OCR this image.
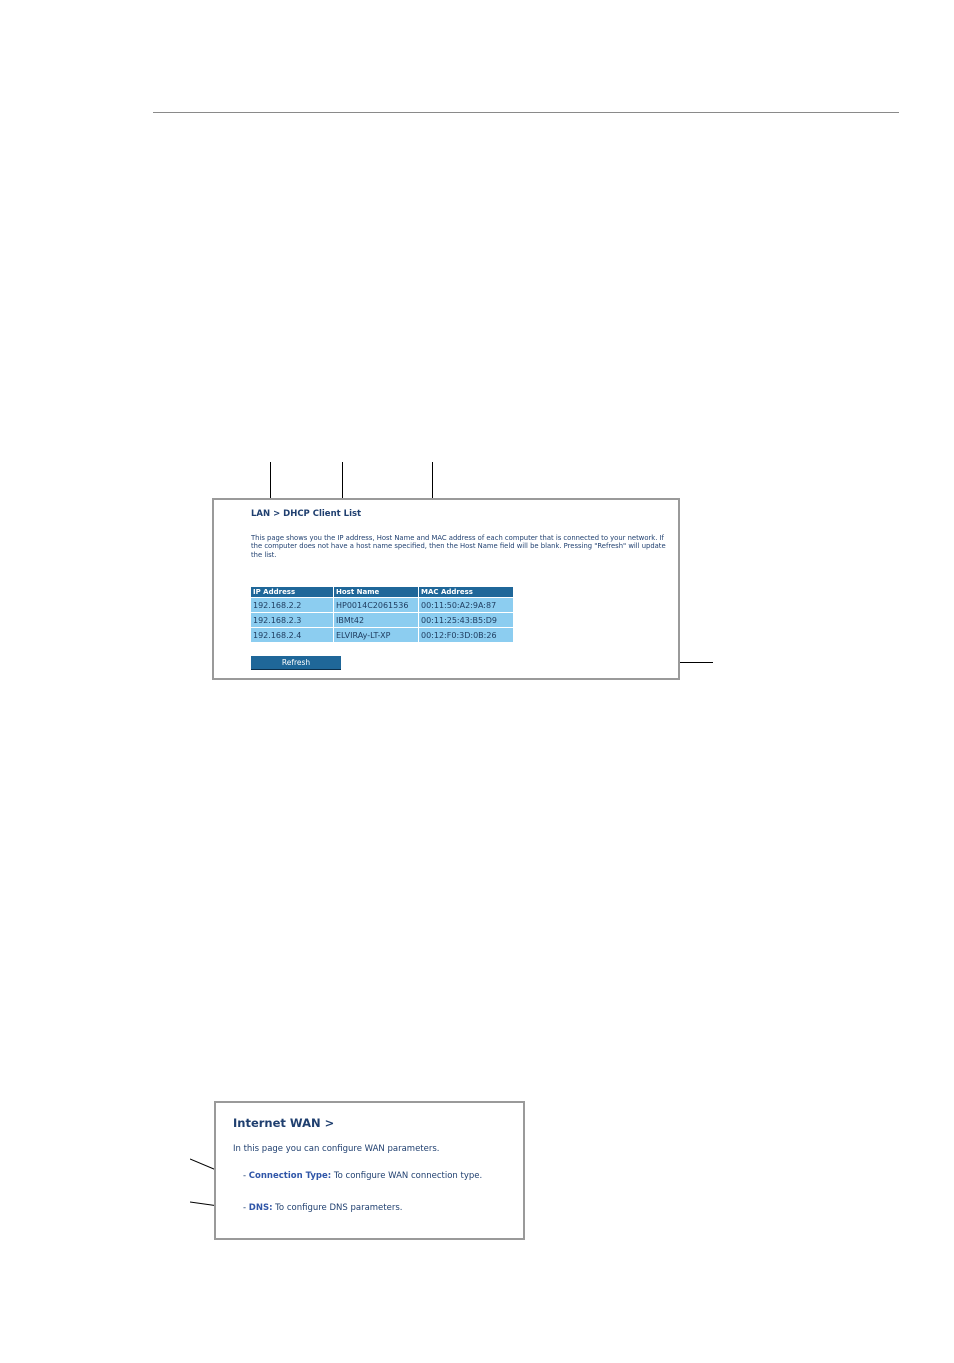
LAN > DHCP Client List
This page shows you the IP address, Host Name and MAC address of each computer that is connected to your network. If the computer does not have a host name specified, then the Host Name field will be blank. Pressing "Refresh" will update the list.
IP Address	Host Name	MAC Address
192.168.2.2	HP0014C2061536	00:11:50:A2:9A:87
192.168.2.3	IBMt42	00:11:25:43:B5:D9
192.168.2.4	ELVIRAy-LT-XP	00:12:F0:3D:0B:26
Refresh
Internet WAN >
In this page you can configure WAN parameters.
- Connection Type: To configure WAN connection type.
- DNS: To configure DNS parameters.
